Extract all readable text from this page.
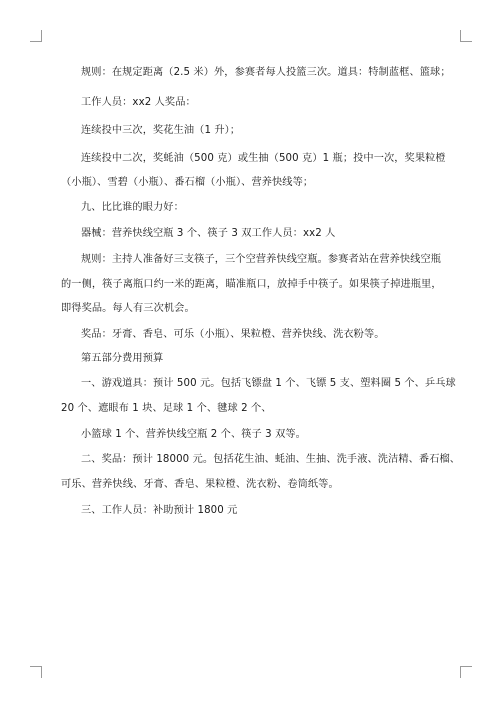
规则：在规定距离（2.5 米）外，参赛者每人投篮三次。道具：特制蓝框、篮球；
工作人员：xx2 人奖品：
连续投中三次，奖花生油（1 升）；
连续投中二次，奖蚝油（500 克）或生抽（500 克）1 瓶；投中一次，奖果粒橙
（小瓶）、雪碧（小瓶）、番石榴（小瓶）、营养快线等；
九、比比谁的眼力好：
器械：营养快线空瓶 3 个、筷子 3 双工作人员：xx2 人
规则：主持人准备好三支筷子，三个空营养快线空瓶。参赛者站在营养快线空瓶
的一侧，筷子离瓶口约一米的距离，瞄准瓶口，放掉手中筷子。如果筷子掉进瓶里，
即得奖品。每人有三次机会。
奖品：牙膏、香皂、可乐（小瓶）、果粒橙、营养快线、洗衣粉等。
第五部分费用预算
一、游戏道具：预计 500 元。包括飞镖盘 1 个、飞镖 5 支、塑料圈 5 个、乒乓球
20 个、遮眼布 1 块、足球 1 个、毽球 2 个、
小篮球 1 个、营养快线空瓶 2 个、筷子 3 双等。
二、奖品：预计 18000 元。包括花生油、蚝油、生抽、洗手液、洗洁精、番石榴、
可乐、营养快线、牙膏、香皂、果粒橙、洗衣粉、卷筒纸等。
三、工作人员：补助预计 1800 元
